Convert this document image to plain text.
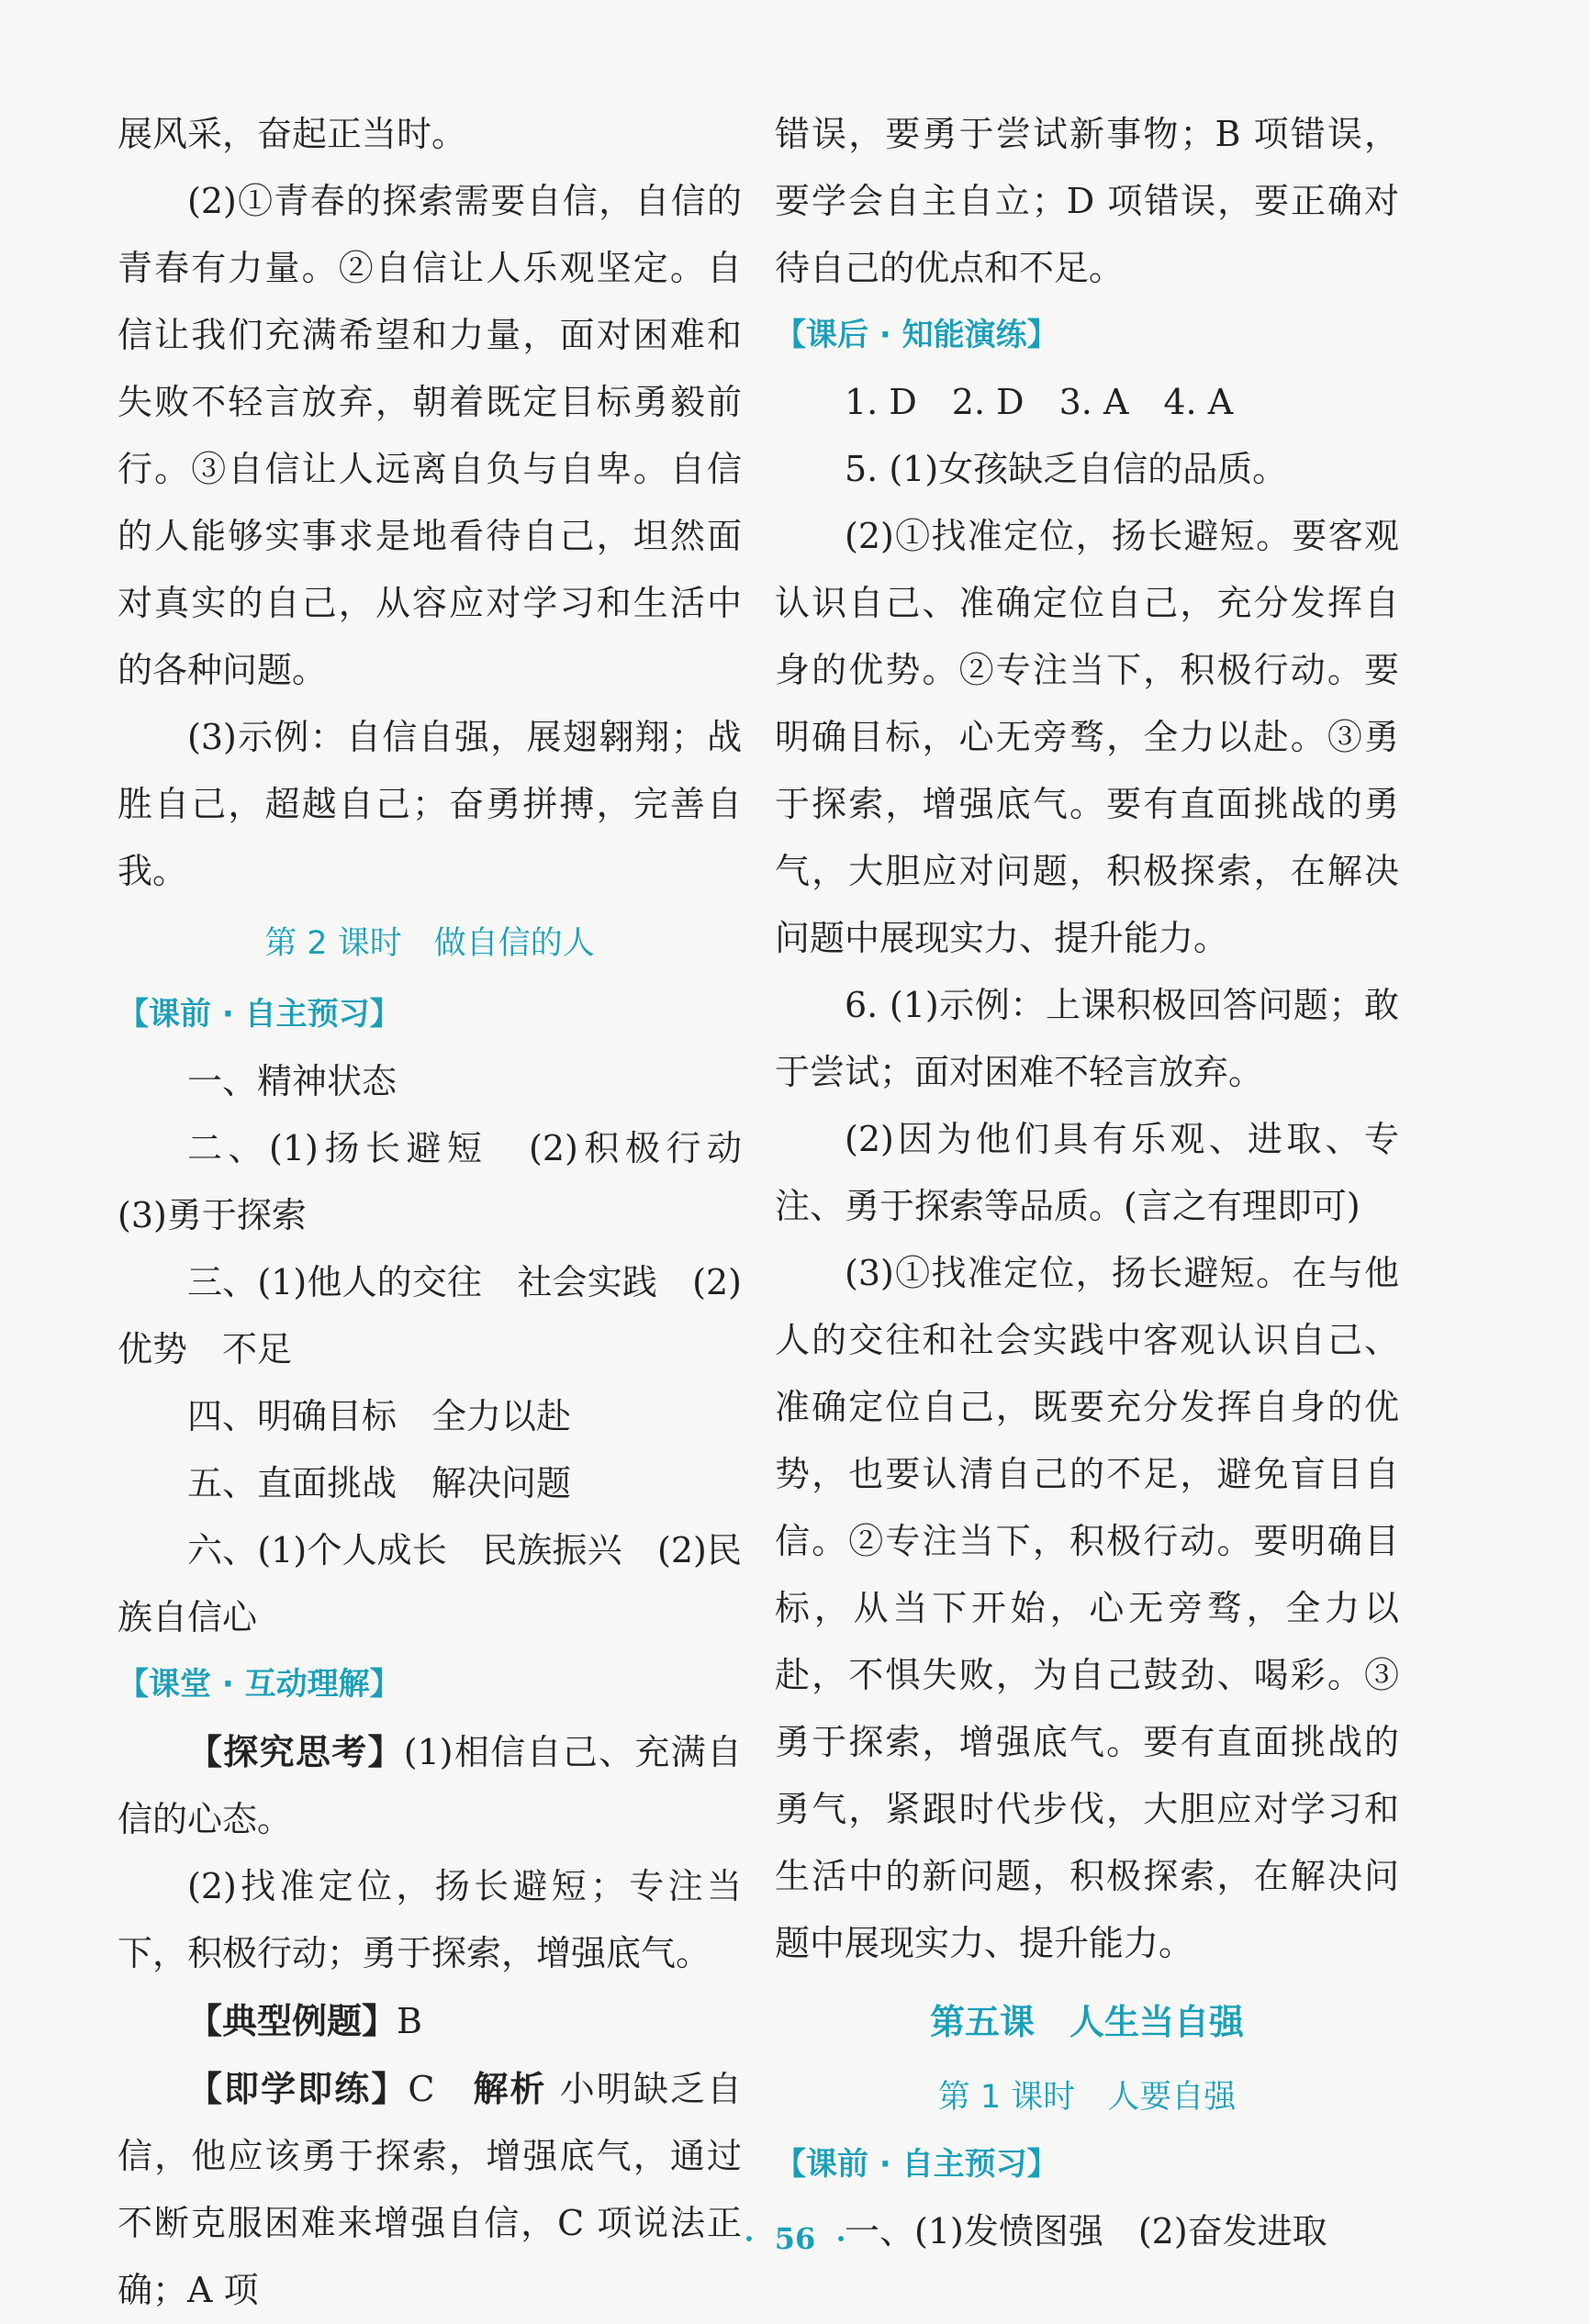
展风采，奋起正当时。

(2)①青春的探索需要自信，自信的青春有力量。②自信让人乐观坚定。自信让我们充满希望和力量，面对困难和失败不轻言放弃，朝着既定目标勇毅前行。③自信让人远离自负与自卑。自信的人能够实事求是地看待自己，坦然面对真实的自己，从容应对学习和生活中的各种问题。

(3)示例：自信自强，展翅翱翔；战胜自己，超越自己；奋勇拼搏，完善自我。

第 2 课时　做自信的人

【课前 · 自主预习】

一、精神状态

二、(1)扬长避短　(2)积极行动　(3)勇于探索

三、(1)他人的交往　社会实践　(2)优势　不足

四、明确目标　全力以赴

五、直面挑战　解决问题

六、(1)个人成长　民族振兴　(2)民族自信心

【课堂 · 互动理解】

【探究思考】(1)相信自己、充满自信的心态。

(2)找准定位，扬长避短；专注当下，积极行动；勇于探索，增强底气。

【典型例题】B

【即学即练】C　 解析 小明缺乏自信，他应该勇于探索，增强底气，通过不断克服困难来增强自信，C 项说法正确；A 项

错误，要勇于尝试新事物；B 项错误，要学会自主自立；D 项错误，要正确对待自己的优点和不足。

【课后 · 知能演练】

1. D　2. D　3. A　4. A

5. (1)女孩缺乏自信的品质。

(2)①找准定位，扬长避短。要客观认识自己、准确定位自己，充分发挥自身的优势。②专注当下，积极行动。要明确目标，心无旁骛，全力以赴。③勇于探索，增强底气。要有直面挑战的勇气，大胆应对问题，积极探索，在解决问题中展现实力、提升能力。

6. (1)示例：上课积极回答问题；敢于尝试；面对困难不轻言放弃。

(2)因为他们具有乐观、进取、专注、勇于探索等品质。(言之有理即可)

(3)①找准定位，扬长避短。在与他人的交往和社会实践中客观认识自己、准确定位自己，既要充分发挥自身的优势，也要认清自己的不足，避免盲目自信。②专注当下，积极行动。要明确目标，从当下开始，心无旁骛，全力以赴，不惧失败，为自己鼓劲、喝彩。③勇于探索，增强底气。要有直面挑战的勇气，紧跟时代步伐，大胆应对学习和生活中的新问题，积极探索，在解决问题中展现实力、提升能力。

第五课　人生当自强

第 1 课时　人要自强

【课前 · 自主预习】

一、(1)发愤图强　(2)奋发进取

·  56  ·
